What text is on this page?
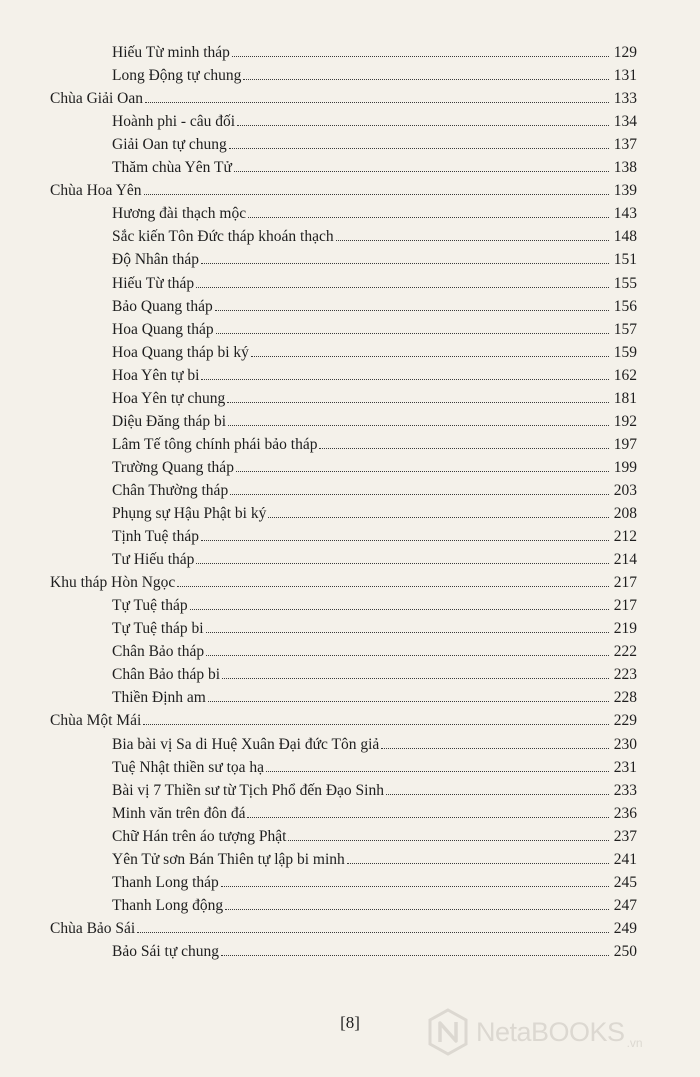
Hiếu Từ minh tháp	129
Long Động tự chung	131
Chùa Giải Oan	133
Hoành phi - câu đối	134
Giải Oan tự chung	137
Thăm chùa Yên Tử	138
Chùa Hoa Yên	139
Hương đài thạch mộc	143
Sắc kiến Tôn Đức tháp khoán thạch	148
Độ Nhân tháp	151
Hiếu Từ tháp	155
Bảo Quang tháp	156
Hoa Quang tháp	157
Hoa Quang tháp bi ký	159
Hoa Yên tự bi	162
Hoa Yên tự chung	181
Diệu Đăng tháp bi	192
Lâm Tế tông chính phái bảo tháp	197
Trường Quang tháp	199
Chân Thường tháp	203
Phụng sự Hậu Phật bi ký	208
Tịnh Tuệ tháp	212
Tư Hiếu tháp	214
Khu tháp Hòn Ngọc	217
Tự Tuệ tháp	217
Tự Tuệ tháp bi	219
Chân Bảo tháp	222
Chân Bảo tháp bi	223
Thiền Định am	228
Chùa Một Mái	229
Bia bài vị Sa di Huệ Xuân Đại đức Tôn giả	230
Tuệ Nhật thiền sư tọa hạ	231
Bài vị 7 Thiền sư từ Tịch Phổ đến Đạo Sinh	233
Minh văn trên đôn đá	236
Chữ Hán trên áo tượng Phật	237
Yên Tử sơn Bán Thiên tự lập bi minh	241
Thanh Long tháp	245
Thanh Long động	247
Chùa Bảo Sái	249
Bảo Sái tự chung	250
[8]	NetaBOOKS .vn
